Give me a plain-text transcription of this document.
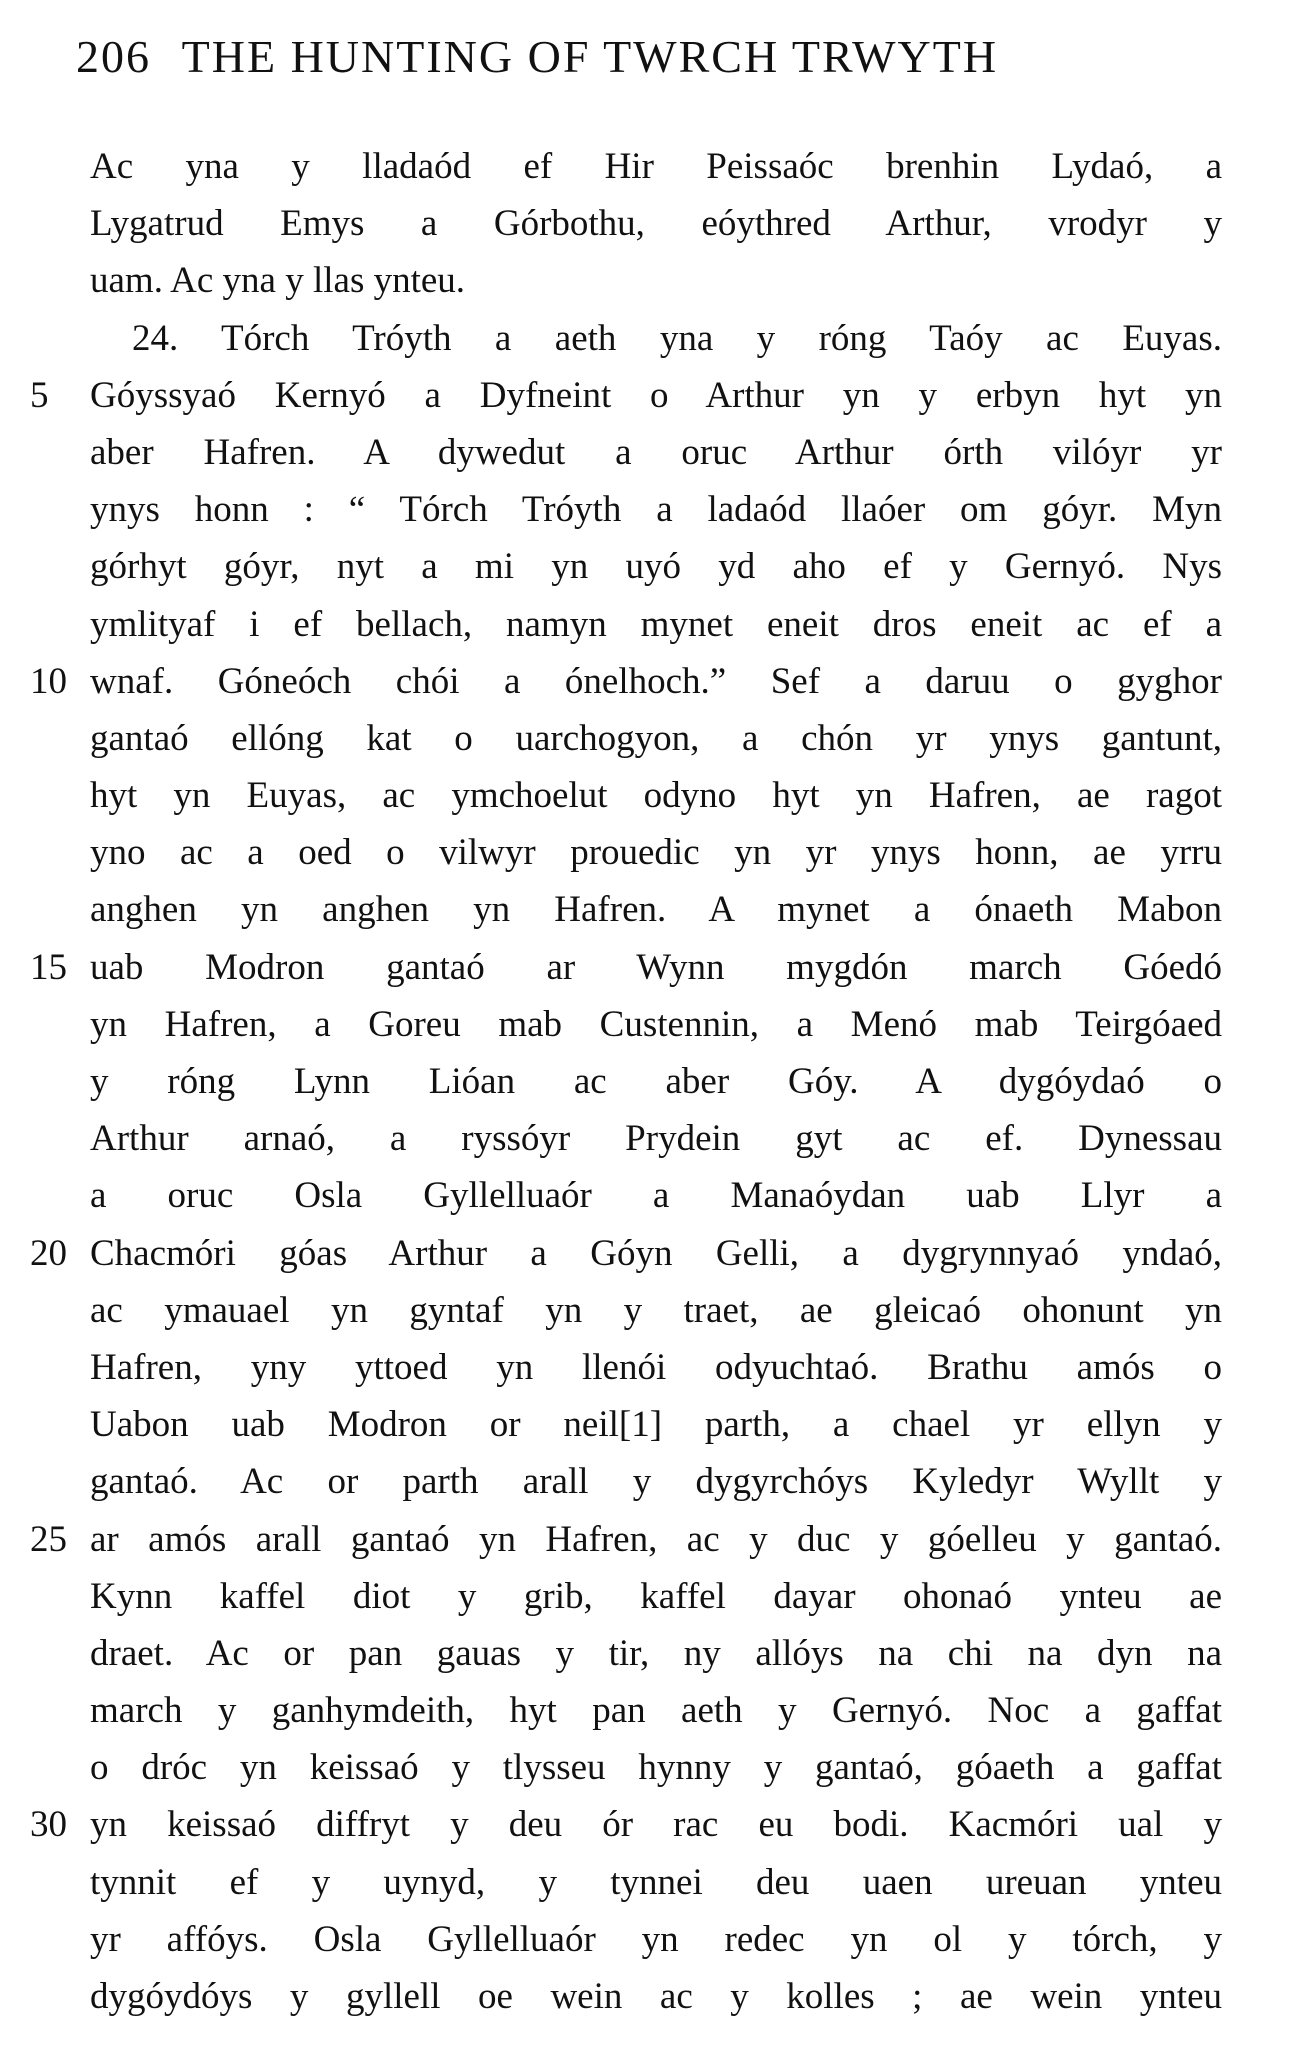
206 THE HUNTING OF TWRCH TRWYTH
Ac yna y lladaód ef Hir Peissaóc brenhin Lydaó, a
Lygatrud Emys a Górbothu, eóythred Arthur, vrodyr y
uam. Ac yna y llas ynteu.
24. Tórch Tróyth a aeth yna y róng Taóy ac Euyas.
5	Góyssyaó Kernyó a Dyfneint o Arthur yn y erbyn hyt yn
aber Hafren. A dywedut a oruc Arthur órth vilóyr yr
ynys honn : “ Tórch Tróyth a ladaód llaóer om góyr. Myn
górhyt góyr, nyt a mi yn uyó yd aho ef y Gernyó. Nys
ymlityaf i ef bellach, namyn mynet eneit dros eneit ac ef a
10 wnaf. Góneóch chói a ónelhoch.” Sef a daruu o gyghor
gantaó ellóng kat o uarchogyon, a chón yr ynys gantunt,
hyt yn Euyas, ac ymchoelut odyno hyt yn Hafren, ae ragot
yno ac a oed o vilwyr prouedic yn yr ynys honn, ae yrru
anghen yn anghen yn Hafren. A mynet a ónaeth Mabon
15 uab Modron gantaó ar Wynn mygdón march Góedó
yn Hafren, a Goreu mab Custennin, a Menó mab Teirgóaed
y róng Lynn Lióan ac aber Góy. A dygóydaó o
Arthur arnaó, a ryssóyr Prydein gyt ac ef. Dynessau
a oruc Osla Gyllelluaór a Manaóydan uab Llyr a
20 Chacmóri góas Arthur a Góyn Gelli, a dygrynnyaó yndaó,
ac ymauael yn gyntaf yn y traet, ae gleicaó ohonunt yn
Hafren, yny yttoed yn llenói odyuchtaó. Brathu amós o
Uabon uab Modron or neil[1] parth, a chael yr ellyn y
gantaó. Ac or parth arall y dygyrchóys Kyledyr Wyllt y
25 ar amós arall gantaó yn Hafren, ac y duc y góelleu y gantaó.
Kynn kaffel diot y grib, kaffel dayar ohonaó ynteu ae
draet. Ac or pan gauas y tir, ny allóys na chi na dyn na
march y ganhymdeith, hyt pan aeth y Gernyó. Noc a gaffat
o dróc yn keissaó y tlysseu hynny y gantaó, góaeth a gaffat
30 yn keissaó diffryt y deu ór rac eu bodi. Kacmóri ual y
tynnit ef y uynyd, y tynnei deu uaen ureuan ynteu
yr affóys. Osla Gyllelluaór yn redec yn ol y tórch, y
dygóydóys y gyllell oe wein ac y kolles ; ae wein ynteu
